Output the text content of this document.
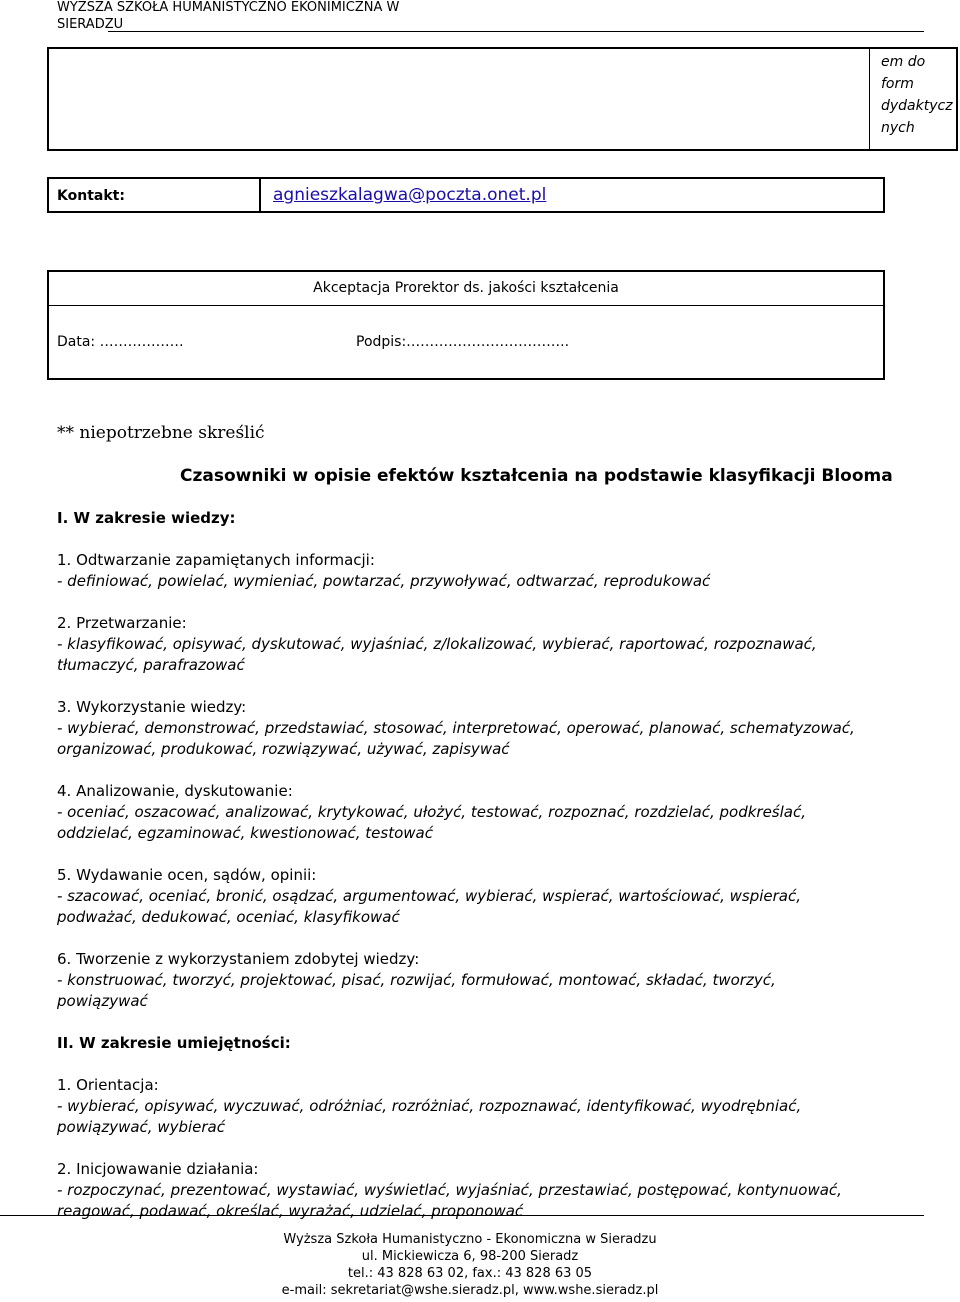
WYŻSZA SZKOŁA HUMANISTYCZNO EKONIMICZNA W
SIERADZU
em do form dydaktycz nych
Kontakt:	agnieszkalagwa@poczta.onet.pl
Akceptacja Prorektor ds. jakości kształcenia
Data: ………………	Podpis:……………………………..
** niepotrzebne skreślić
Czasowniki w opisie efektów kształcenia na podstawie klasyfikacji Blooma
I. W zakresie wiedzy:
1. Odtwarzanie zapamiętanych informacji:
- definiować, powielać, wymieniać, powtarzać, przywoływać, odtwarzać, reprodukować
2. Przetwarzanie:
- klasyfikować, opisywać, dyskutować, wyjaśniać, z/lokalizować, wybierać, raportować, rozpoznawać, tłumaczyć, parafrazować
3. Wykorzystanie wiedzy:
- wybierać, demonstrować, przedstawiać, stosować, interpretować, operować, planować, schematyzować, organizować, produkować, rozwiązywać, używać, zapisywać
4. Analizowanie, dyskutowanie:
- oceniać, oszacować, analizować, krytykować, ułożyć, testować, rozpoznać, rozdzielać, podkreślać, oddzielać, egzaminować, kwestionować, testować
5. Wydawanie ocen, sądów, opinii:
- szacować, oceniać, bronić, osądzać, argumentować, wybierać, wspierać, wartościować, wspierać, podważać, dedukować, oceniać, klasyfikować
6. Tworzenie z wykorzystaniem zdobytej wiedzy:
- konstruować, tworzyć, projektować, pisać, rozwijać, formułować, montować, składać, tworzyć, powiązywać
II. W zakresie umiejętności:
1. Orientacja:
- wybierać, opisywać, wyczuwać, odróżniać, rozróżniać, rozpoznawać, identyfikować, wyodrębniać, powiązywać, wybierać
2. Inicjowawanie działania:
- rozpoczynać, prezentować, wystawiać, wyświetlać, wyjaśniać, przestawiać, postępować, kontynuować, reagować, podawać, określać, wyrażać, udzielać, proponować
Wyższa Szkoła Humanistyczno - Ekonomiczna w Sieradzu
ul. Mickiewicza 6, 98-200 Sieradz
tel.: 43 828 63 02, fax.: 43 828 63 05
e-mail: sekretariat@wshe.sieradz.pl, www.wshe.sieradz.pl
